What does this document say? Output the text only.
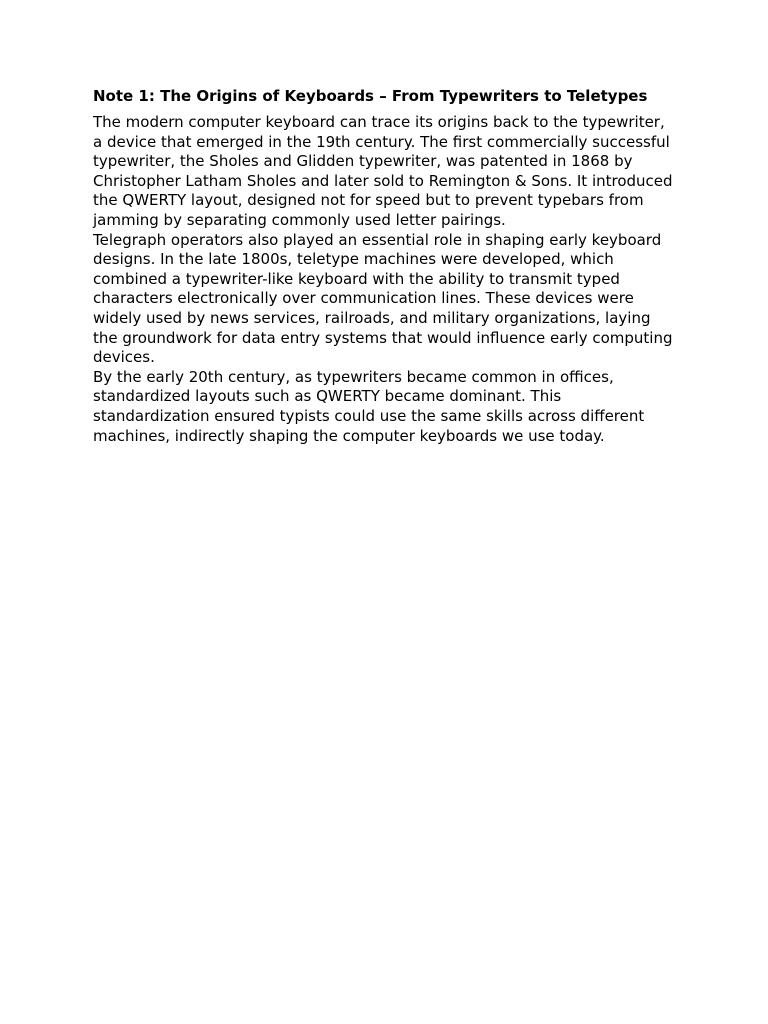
Note 1: The Origins of Keyboards – From Typewriters to Teletypes

The modern computer keyboard can trace its origins back to the typewriter, a device that emerged in the 19th century. The first commercially successful typewriter, the Sholes and Glidden typewriter, was patented in 1868 by Christopher Latham Sholes and later sold to Remington & Sons. It introduced the QWERTY layout, designed not for speed but to prevent typebars from jamming by separating commonly used letter pairings.

Telegraph operators also played an essential role in shaping early keyboard designs. In the late 1800s, teletype machines were developed, which combined a typewriter-like keyboard with the ability to transmit typed characters electronically over communication lines. These devices were widely used by news services, railroads, and military organizations, laying the groundwork for data entry systems that would influence early computing devices.

By the early 20th century, as typewriters became common in offices, standardized layouts such as QWERTY became dominant. This standardization ensured typists could use the same skills across different machines, indirectly shaping the computer keyboards we use today.
